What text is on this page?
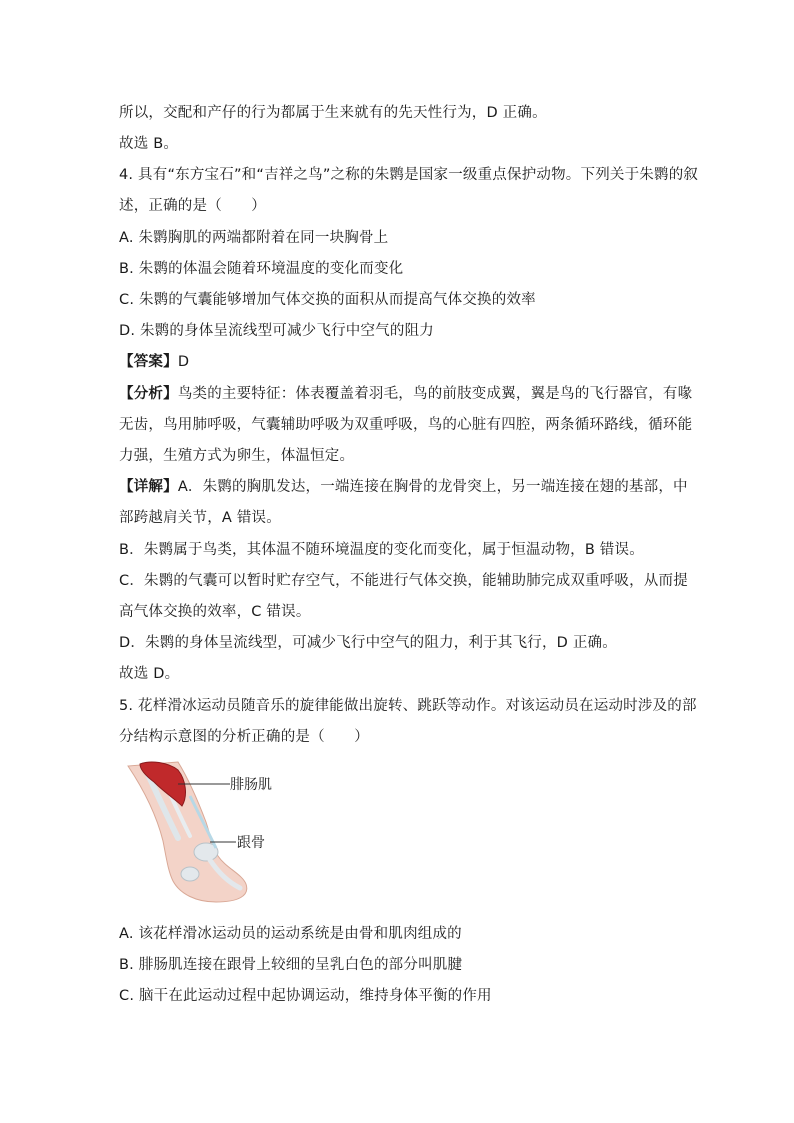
所以，交配和产仔的行为都属于生来就有的先天性行为，D 正确。
故选 B。
4. 具有“东方宝石”和“吉祥之鸟”之称的朱鹮是国家一级重点保护动物。下列关于朱鹮的叙
述，正确的是（　　）
A. 朱鹮胸肌的两端都附着在同一块胸骨上
B. 朱鹮的体温会随着环境温度的变化而变化
C. 朱鹮的气囊能够增加气体交换的面积从而提高气体交换的效率
D. 朱鹮的身体呈流线型可减少飞行中空气的阻力
【答案】D
【分析】鸟类的主要特征：体表覆盖着羽毛，鸟的前肢变成翼，翼是鸟的飞行器官，有喙
无齿，鸟用肺呼吸，气囊辅助呼吸为双重呼吸，鸟的心脏有四腔，两条循环路线，循环能
力强，生殖方式为卵生，体温恒定。
【详解】A．朱鹮的胸肌发达，一端连接在胸骨的龙骨突上，另一端连接在翅的基部，中
部跨越肩关节，A 错误。
B．朱鹮属于鸟类，其体温不随环境温度的变化而变化，属于恒温动物，B 错误。
C．朱鹮的气囊可以暂时贮存空气，不能进行气体交换，能辅助肺完成双重呼吸，从而提
高气体交换的效率，C 错误。
D．朱鹮的身体呈流线型，可减少飞行中空气的阻力，利于其飞行，D 正确。
故选 D。
5. 花样滑冰运动员随音乐的旋律能做出旋转、跳跃等动作。对该运动员在运动时涉及的部
分结构示意图的分析正确的是（　　）
腓肠肌
跟骨
A. 该花样滑冰运动员的运动系统是由骨和肌肉组成的
B. 腓肠肌连接在跟骨上较细的呈乳白色的部分叫肌腱
C. 脑干在此运动过程中起协调运动，维持身体平衡的作用
